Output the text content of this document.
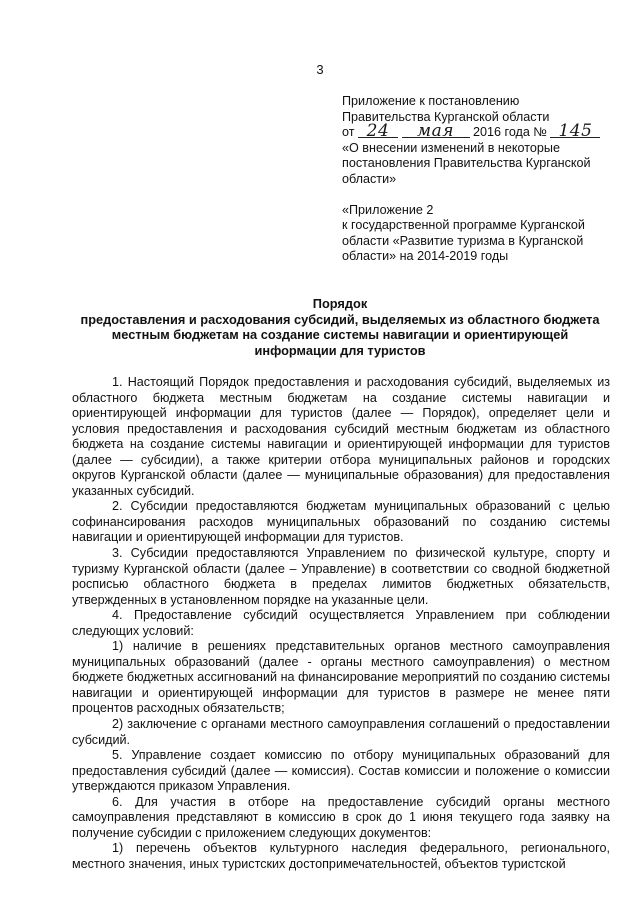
3
Приложение к постановлению
Правительства Курганской области
от 24 мая 2016 года № 145
«О внесении изменений в некоторые
постановления Правительства Курганской
области»
«Приложение 2
к государственной программе Курганской
области «Развитие туризма в Курганской
области» на 2014-2019 годы
Порядок
предоставления и расходования субсидий, выделяемых из областного бюджета
местным бюджетам на создание системы навигации и ориентирующей
информации для туристов

1. Настоящий Порядок предоставления и расходования субсидий, выделяемых из областного бюджета местным бюджетам на создание системы навигации и ориентирующей информации для туристов (далее — Порядок), определяет цели и условия предоставления и расходования субсидий местным бюджетам из областного бюджета на создание системы навигации и ориентирующей информации для туристов (далее — субсидии), а также критерии отбора муниципальных районов и городских округов Курганской области (далее — муниципальные образования) для предоставления указанных субсидий.

2. Субсидии предоставляются бюджетам муниципальных образований с целью софинансирования расходов муниципальных образований по созданию системы навигации и ориентирующей информации для туристов.

3. Субсидии предоставляются Управлением по физической культуре, спорту и туризму Курганской области (далее – Управление) в соответствии со сводной бюджетной росписью областного бюджета в пределах лимитов бюджетных обязательств, утвержденных в установленном порядке на указанные цели.

4. Предоставление субсидий осуществляется Управлением при соблюдении следующих условий:

1) наличие в решениях представительных органов местного самоуправления муниципальных образований (далее - органы местного самоуправления) о местном бюджете бюджетных ассигнований на финансирование мероприятий по созданию системы навигации и ориентирующей информации для туристов в размере не менее пяти процентов расходных обязательств;

2) заключение с органами местного самоуправления соглашений о предоставлении субсидий.

5. Управление создает комиссию по отбору муниципальных образований для предоставления субсидий (далее — комиссия). Состав комиссии и положение о комиссии утверждаются приказом Управления.

6. Для участия в отборе на предоставление субсидий органы местного самоуправления представляют в комиссию в срок до 1 июня текущего года заявку на получение субсидии с приложением следующих документов:

1) перечень объектов культурного наследия федерального, регионального, местного значения, иных туристских достопримечательностей, объектов туристской
